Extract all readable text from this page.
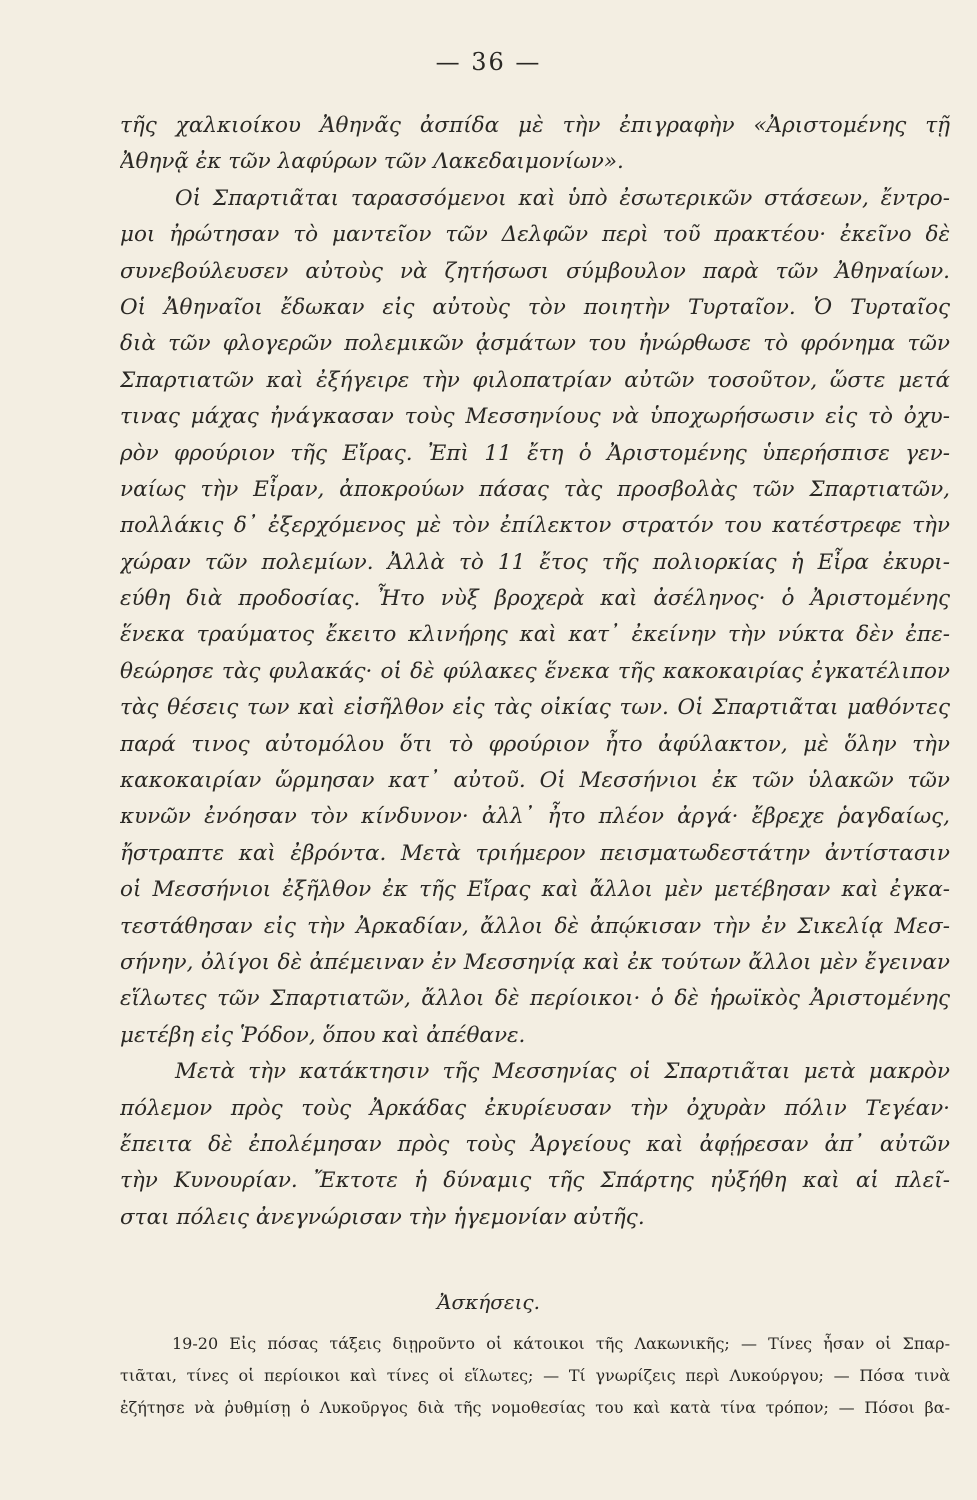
— 36 —
τῆς χαλκιοίκου Ἀθηνᾶς ἀσπίδα μὲ τὴν ἐπιγραφὴν «Ἀριστομένης τῇ
Ἀθηνᾷ ἐκ τῶν λαφύρων τῶν Λακεδαιμονίων».
Οἱ Σπαρτιᾶται ταρασσόμενοι καὶ ὑπὸ ἐσωτερικῶν στάσεων, ἔντρο-
μοι ἠρώτησαν τὸ μαντεῖον τῶν Δελφῶν περὶ τοῦ πρακτέου· ἐκεῖνο δὲ
συνεβούλευσεν αὐτοὺς νὰ ζητήσωσι σύμβουλον παρὰ τῶν Ἀθηναίων.
Οἱ Ἀθηναῖοι ἔδωκαν εἰς αὐτοὺς τὸν ποιητὴν Τυρταῖον. Ὁ Τυρταῖος
διὰ τῶν φλογερῶν πολεμικῶν ᾀσμάτων του ἠνώρθωσε τὸ φρόνημα τῶν
Σπαρτιατῶν καὶ ἐξήγειρε τὴν φιλοπατρίαν αὐτῶν τοσοῦτον, ὥστε μετά
τινας μάχας ἠνάγκασαν τοὺς Μεσσηνίους νὰ ὑποχωρήσωσιν εἰς τὸ ὀχυ-
ρὸν φρούριον τῆς Εἴρας. Ἐπὶ 11 ἔτη ὁ Ἀριστομένης ὑπερήσπισε γεν-
ναίως τὴν Εἶραν, ἀποκρούων πάσας τὰς προσβολὰς τῶν Σπαρτιατῶν,
πολλάκις δ᾿ ἐξερχόμενος μὲ τὸν ἐπίλεκτον στρατόν του κατέστρεφε τὴν
χώραν τῶν πολεμίων. Ἀλλὰ τὸ 11 ἔτος τῆς πολιορκίας ἡ Εἶρα ἐκυρι-
εύθη διὰ προδοσίας. Ἦτο νὺξ βροχερὰ καὶ ἀσέληνος· ὁ Ἀριστομένης
ἕνεκα τραύματος ἔκειτο κλινήρης καὶ κατ᾿ ἐκείνην τὴν νύκτα δὲν ἐπε-
θεώρησε τὰς φυλακάς· οἱ δὲ φύλακες ἕνεκα τῆς κακοκαιρίας ἐγκατέλιπον
τὰς θέσεις των καὶ εἰσῆλθον εἰς τὰς οἰκίας των. Οἱ Σπαρτιᾶται μαθόντες
παρά τινος αὐτομόλου ὅτι τὸ φρούριον ἦτο ἀφύλακτον, μὲ ὅλην τὴν
κακοκαιρίαν ὥρμησαν κατ᾿ αὐτοῦ. Οἱ Μεσσήνιοι ἐκ τῶν ὑλακῶν τῶν
κυνῶν ἐνόησαν τὸν κίνδυνον· ἀλλ᾿ ἦτο πλέον ἀργά· ἔβρεχε ῥαγδαίως,
ἤστραπτε καὶ ἐβρόντα. Μετὰ τριήμερον πεισματωδεστάτην ἀντίστασιν
οἱ Μεσσήνιοι ἐξῆλθον ἐκ τῆς Εἴρας καὶ ἄλλοι μὲν μετέβησαν καὶ ἐγκα-
τεστάθησαν εἰς τὴν Ἀρκαδίαν, ἄλλοι δὲ ἀπῴκισαν τὴν ἐν Σικελίᾳ Μεσ-
σήνην, ὀλίγοι δὲ ἀπέμειναν ἐν Μεσσηνίᾳ καὶ ἐκ τούτων ἄλλοι μὲν ἔγειναν
εἵλωτες τῶν Σπαρτιατῶν, ἄλλοι δὲ περίοικοι· ὁ δὲ ἡρωϊκὸς Ἀριστομένης
μετέβη εἰς Ῥόδον, ὅπου καὶ ἀπέθανε.
Μετὰ τὴν κατάκτησιν τῆς Μεσσηνίας οἱ Σπαρτιᾶται μετὰ μακρὸν
πόλεμον πρὸς τοὺς Ἀρκάδας ἐκυρίευσαν τὴν ὀχυρὰν πόλιν Τεγέαν·
ἔπειτα δὲ ἐπολέμησαν πρὸς τοὺς Ἀργείους καὶ ἀφῄρεσαν ἀπ᾿ αὐτῶν
τὴν Κυνουρίαν. Ἔκτοτε ἡ δύναμις τῆς Σπάρτης ηὐξήθη καὶ αἱ πλεῖ-
σται πόλεις ἀνεγνώρισαν τὴν ἡγεμονίαν αὐτῆς.
Ἀσκήσεις.
19-20 Εἰς πόσας τάξεις διῃροῦντο οἱ κάτοικοι τῆς Λακωνικῆς; — Τίνες ἦσαν οἱ Σπαρ-
τιᾶται, τίνες οἱ περίοικοι καὶ τίνες οἱ εἵλωτες; — Τί γνωρίζεις περὶ Λυκούργου; — Πόσα τινὰ
ἐζήτησε νὰ ῥυθμίσῃ ὁ Λυκοῦργος διὰ τῆς νομοθεσίας του καὶ κατὰ τίνα τρόπον; — Πόσοι βα-
